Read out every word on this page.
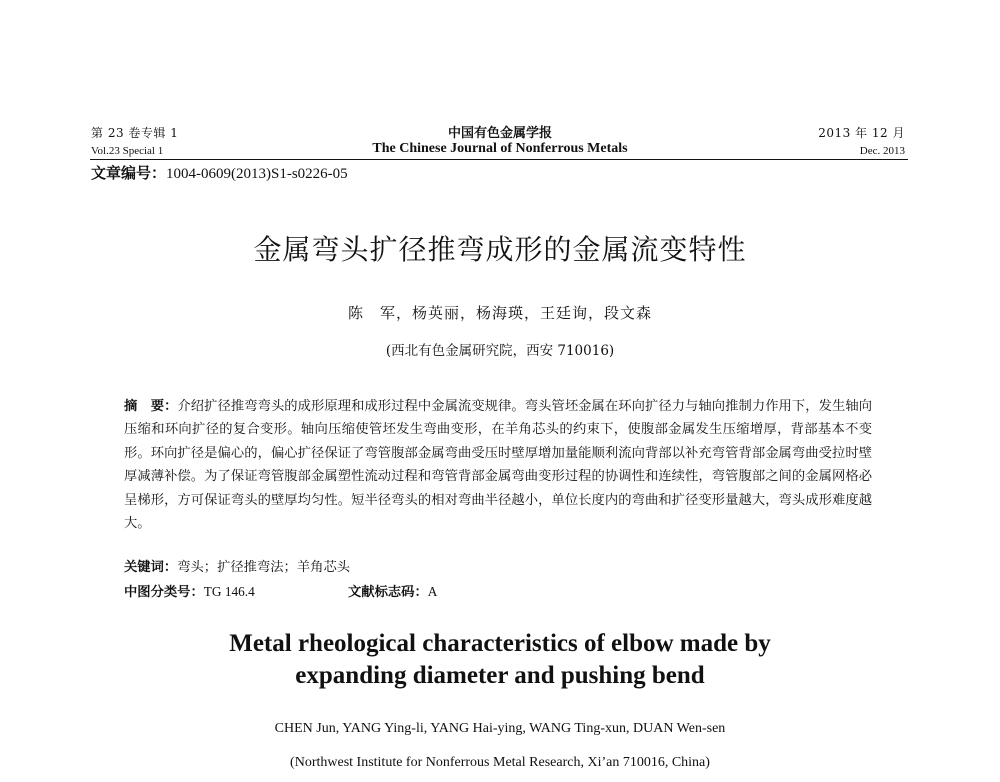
第 23 卷专辑 1
Vol.23 Special 1
中国有色金属学报
The Chinese Journal of Nonferrous Metals
2013 年 12 月
Dec. 2013
文章编号：1004-0609(2013)S1-s0226-05
金属弯头扩径推弯成形的金属流变特性
陈　军，杨英丽，杨海瑛，王廷询，段文森
(西北有色金属研究院，西安 710016)
摘　要：介绍扩径推弯弯头的成形原理和成形过程中金属流变规律。弯头管坯金属在环向扩径力与轴向推制力作用下，发生轴向压缩和环向扩径的复合变形。轴向压缩使管坯发生弯曲变形，在羊角芯头的约束下，使腹部金属发生压缩增厚，背部基本不变形。环向扩径是偏心的，偏心扩径保证了弯管腹部金属弯曲受压时壁厚增加量能顺利流向背部以补充弯管背部金属弯曲受拉时壁厚减薄补偿。为了保证弯管腹部金属塑性流动过程和弯管背部金属弯曲变形过程的协调性和连续性，弯管腹部之间的金属网格必呈梯形，方可保证弯头的壁厚均匀性。短半径弯头的相对弯曲半径越小，单位长度内的弯曲和扩径变形量越大，弯头成形难度越大。
关键词：弯头；扩径推弯法；羊角芯头
中图分类号：TG 146.4	文献标志码：A
Metal rheological characteristics of elbow made by
expanding diameter and pushing bend
CHEN Jun, YANG Ying-li, YANG Hai-ying, WANG Ting-xun, DUAN Wen-sen
(Northwest Institute for Nonferrous Metal Research, Xi’an 710016, China)
